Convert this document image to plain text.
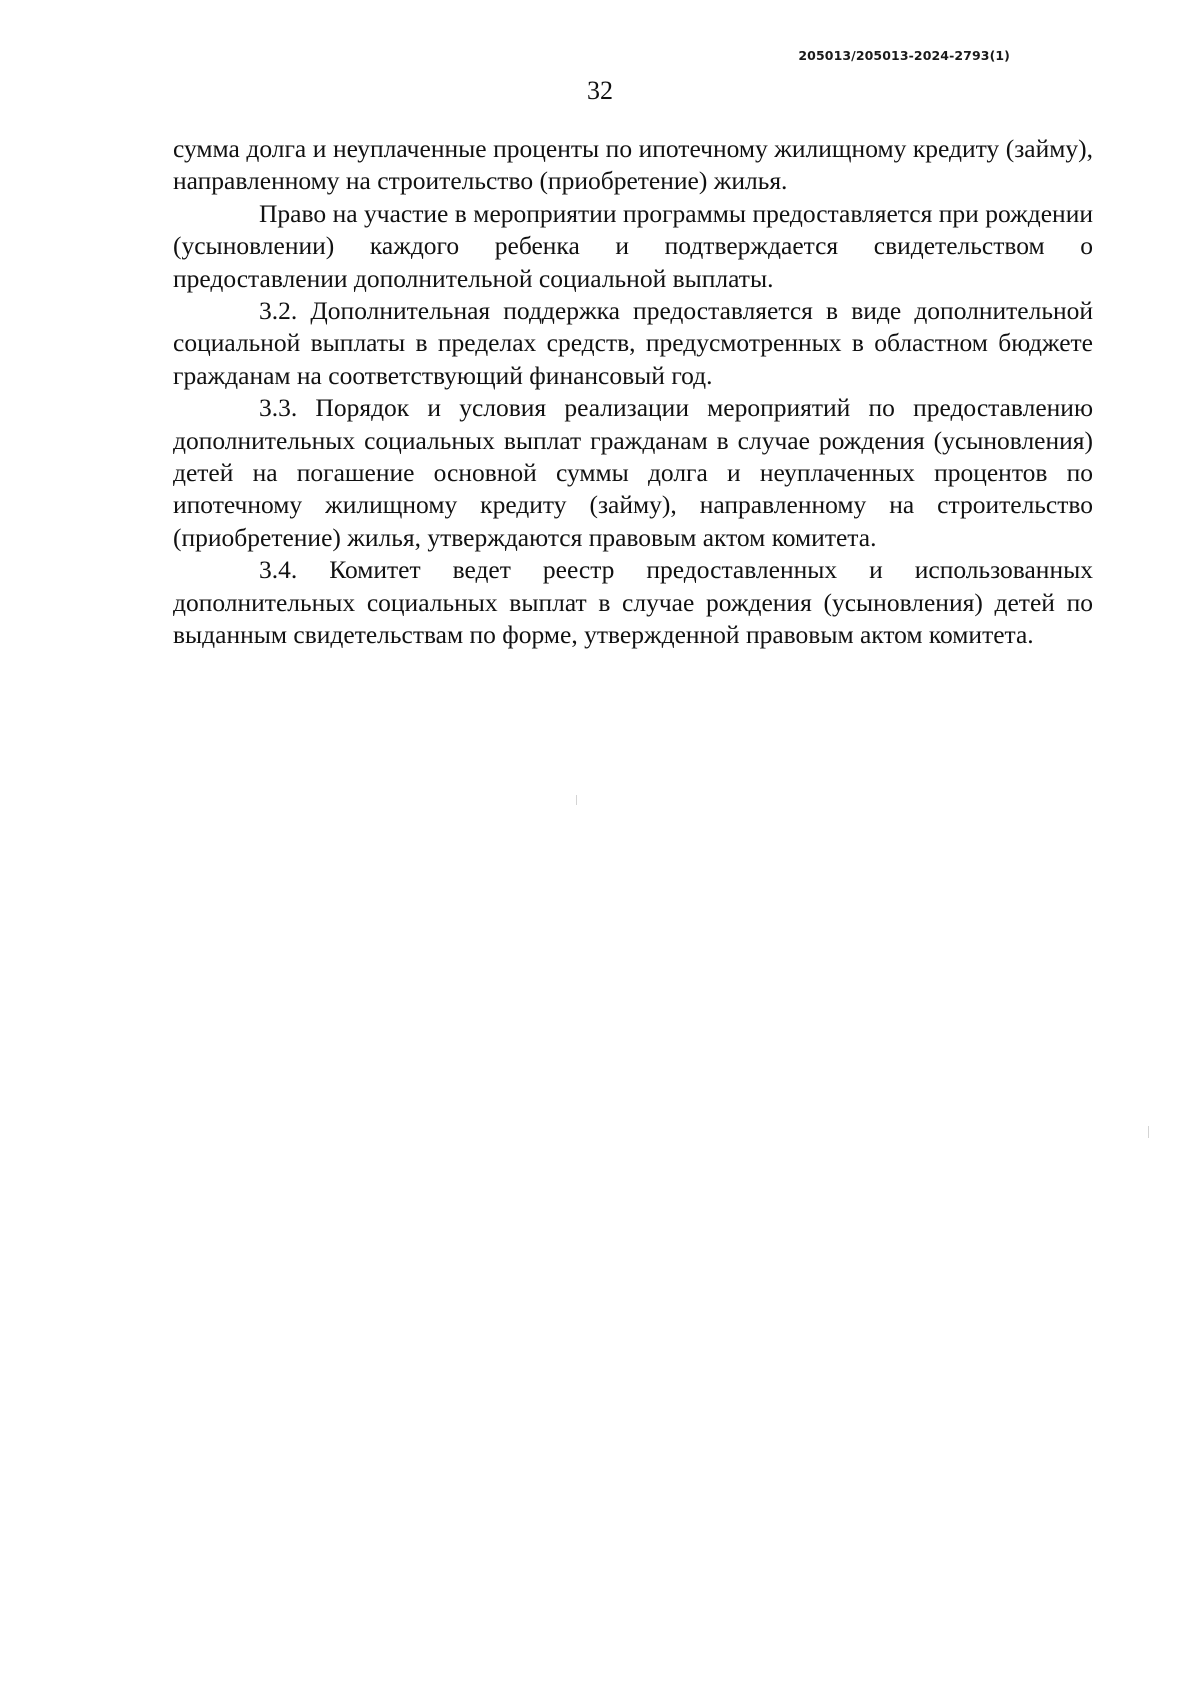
205013/205013-2024-2793(1)
32

сумма долга и неуплаченные проценты по ипотечному жилищному кредиту (займу), направленному на строительство (приобретение) жилья.

Право на участие в мероприятии программы предоставляется при рождении (усыновлении) каждого ребенка и подтверждается свидетельством о предоставлении дополнительной социальной выплаты.

3.2. Дополнительная поддержка предоставляется в виде дополнительной социальной выплаты в пределах средств, предусмотренных в областном бюджете гражданам на соответствующий финансовый год.

3.3. Порядок и условия реализации мероприятий по предоставлению дополнительных социальных выплат гражданам в случае рождения (усыновления) детей на погашение основной суммы долга и неуплаченных процентов по ипотечному жилищному кредиту (займу), направленному на строительство (приобретение) жилья, утверждаются правовым актом комитета.

3.4. Комитет ведет реестр предоставленных и использованных дополнительных социальных выплат в случае рождения (усыновления) детей по выданным свидетельствам по форме, утвержденной правовым актом комитета.
